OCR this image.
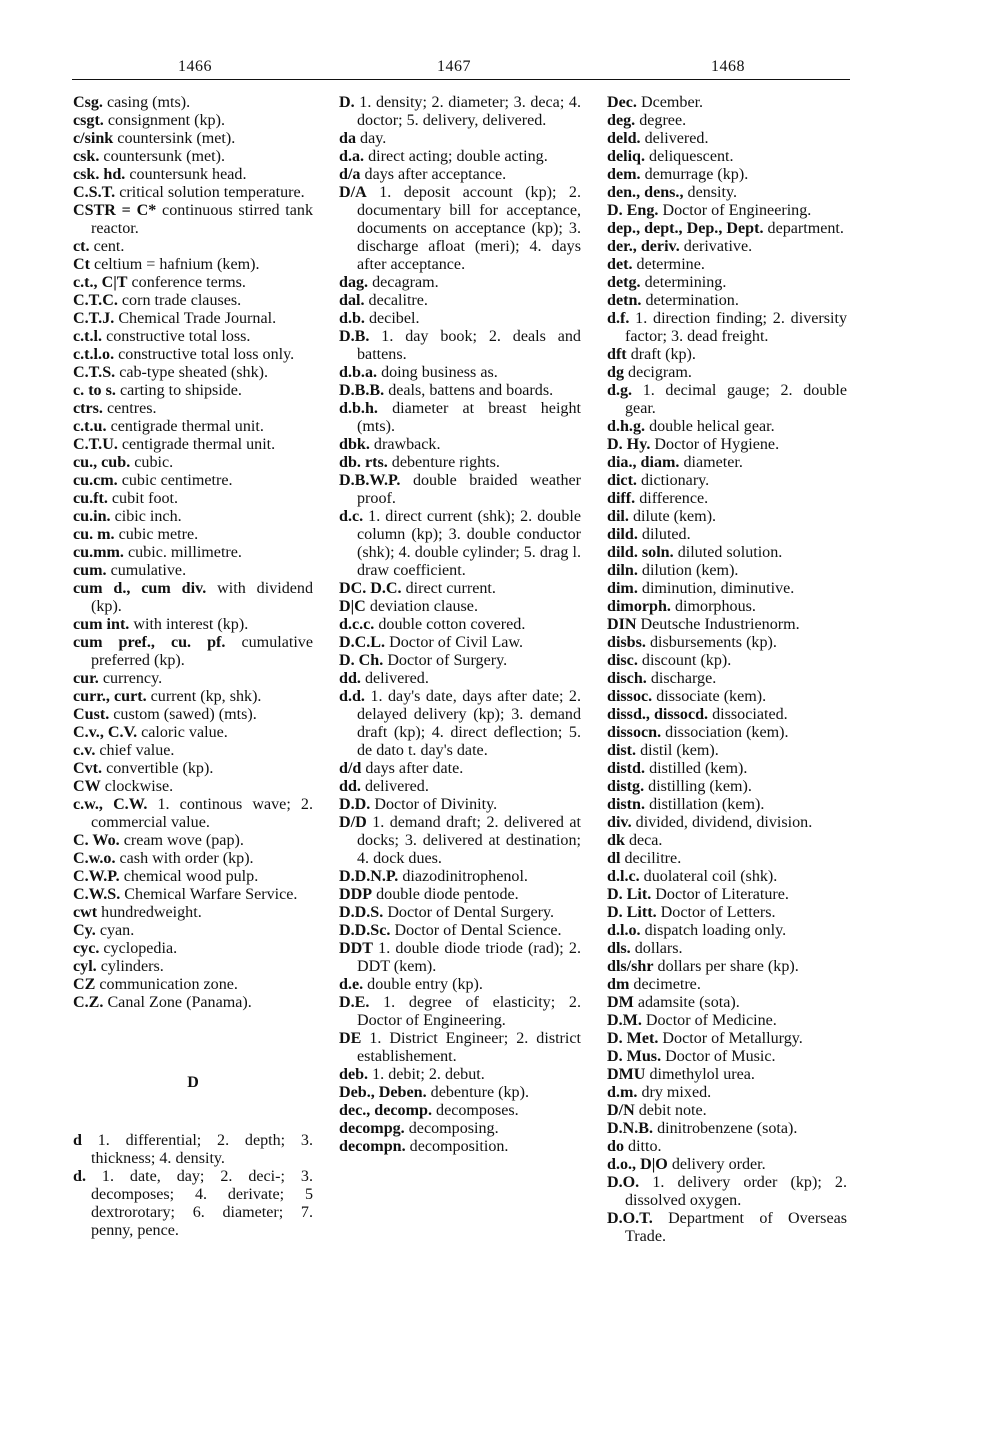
1466	1467	1468

Csg. casing (mts).

csgt. consignment (kp).

c/sink countersink (met).

csk. countersunk (met).

csk. hd. countersunk head.

C.S.T. critical solution temperature.

CSTR = C* continuous stirred tank reactor.

ct. cent.

Ct celtium = hafnium (kem).

c.t., C|T conference terms.

C.T.C. corn trade clauses.

C.T.J. Chemical Trade Journal.

c.t.l. constructive total loss.

c.t.l.o. constructive total loss only.

C.T.S. cab-type sheated (shk).

c. to s. carting to shipside.

ctrs. centres.

c.t.u. centigrade thermal unit.

C.T.U. centigrade thermal unit.

cu., cub. cubic.

cu.cm. cubic centimetre.

cu.ft. cubit foot.

cu.in. cibic inch.

cu. m. cubic metre.

cu.mm. cubic. millimetre.

cum. cumulative.

cum d., cum div. with dividend (kp).

cum int. with interest (kp).

cum pref., cu. pf. cumulative preferred (kp).

cur. currency.

curr., curt. current (kp, shk).

Cust. custom (sawed) (mts).

C.v., C.V. caloric value.

c.v. chief value.

Cvt. convertible (kp).

CW clockwise.

c.w., C.W. 1. continous wave; 2. commercial value.

C. Wo. cream wove (pap).

C.w.o. cash with order (kp).

C.W.P. chemical wood pulp.

C.W.S. Chemical Warfare Service.

cwt hundredweight.

Cy. cyan.

cyc. cyclopedia.

cyl. cylinders.

CZ communication zone.

C.Z. Canal Zone (Panama).

D

d 1. differential; 2. depth; 3. thickness; 4. density.

d. 1. date, day; 2. deci-; 3. decomposes; 4. derivate; 5 dextrorotary; 6. diameter; 7. penny, pence.

D. 1. density; 2. diameter; 3. deca; 4. doctor; 5. delivery, delivered.

da day.

d.a. direct acting; double acting.

d/a days after acceptance.

D/A 1. deposit account (kp); 2. documentary bill for acceptance, documents on acceptance (kp); 3. discharge afloat (meri); 4. days after acceptance.

dag. decagram.

dal. decalitre.

d.b. decibel.

D.B. 1. day book; 2. deals and battens.

d.b.a. doing business as.

D.B.B. deals, battens and boards.

d.b.h. diameter at breast height (mts).

dbk. drawback.

db. rts. debenture rights.

D.B.W.P. double braided weather proof.

d.c. 1. direct current (shk); 2. double column (kp); 3. double conductor (shk); 4. double cylinder; 5. drag l. draw coefficient.

DC. D.C. direct current.

D|C deviation clause.

d.c.c. double cotton covered.

D.C.L. Doctor of Civil Law.

D. Ch. Doctor of Surgery.

dd. delivered.

d.d. 1. day's date, days after date; 2. delayed delivery (kp); 3. demand draft (kp); 4. direct deflection; 5. de dato t. day's date.

d/d days after date.

dd. delivered.

D.D. Doctor of Divinity.

D/D 1. demand draft; 2. delivered at docks; 3. delivered at destination; 4. dock dues.

D.D.N.P. diazodinitrophenol.

DDP double diode pentode.

D.D.S. Doctor of Dental Surgery.

D.D.Sc. Doctor of Dental Science.

DDT 1. double diode triode (rad); 2. DDT (kem).

d.e. double entry (kp).

D.E. 1. degree of elasticity; 2. Doctor of Engineering.

DE 1. District Engineer; 2. district establishement.

deb. 1. debit; 2. debut.

Deb., Deben. debenture (kp).

dec., decomp. decomposes.

decompg. decomposing.

decompn. decomposition.

Dec. Dcember.

deg. degree.

deld. delivered.

deliq. deliquescent.

dem. demurrage (kp).

den., dens., density.

D. Eng. Doctor of Engineering.

dep., dept., Dep., Dept. department.

der., deriv. derivative.

det. determine.

detg. determining.

detn. determination.

d.f. 1. direction finding; 2. diversity factor; 3. dead freight.

dft draft (kp).

dg decigram.

d.g. 1. decimal gauge; 2. double gear.

d.h.g. double helical gear.

D. Hy. Doctor of Hygiene.

dia., diam. diameter.

dict. dictionary.

diff. difference.

dil. dilute (kem).

dild. diluted.

dild. soln. diluted solution.

diln. dilution (kem).

dim. diminution, diminutive.

dimorph. dimorphous.

DIN Deutsche Industrienorm.

disbs. disbursements (kp).

disc. discount (kp).

disch. discharge.

dissoc. dissociate (kem).

dissd., dissocd. dissociated.

dissocn. dissociation (kem).

dist. distil (kem).

distd. distilled (kem).

distg. distilling (kem).

distn. distillation (kem).

div. divided, dividend, division.

dk deca.

dl decilitre.

d.l.c. duolateral coil (shk).

D. Lit. Doctor of Literature.

D. Litt. Doctor of Letters.

d.l.o. dispatch loading only.

dls. dollars.

dls/shr dollars per share (kp).

dm decimetre.

DM adamsite (sota).

D.M. Doctor of Medicine.

D. Met. Doctor of Metallurgy.

D. Mus. Doctor of Music.

DMU dimethylol urea.

d.m. dry mixed.

D/N debit note.

D.N.B. dinitrobenzene (sota).

do ditto.

d.o., D|O delivery order.

D.O. 1. delivery order (kp); 2. dissolved oxygen.

D.O.T. Department of Overseas Trade.
